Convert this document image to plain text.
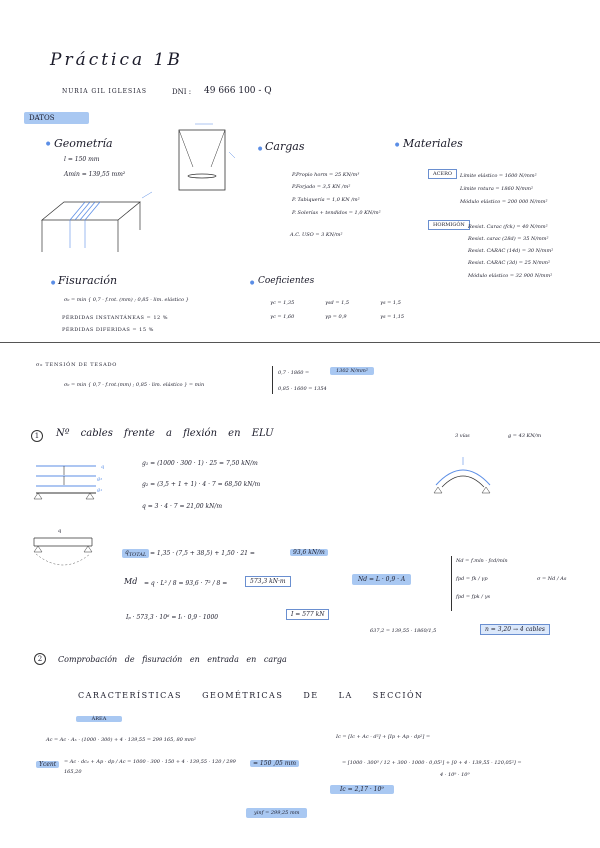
Práctica 1B
NURIA GIL IGLESIAS	DNI : 49 666 100 - Q
DATOS
• Geometría
l = 150 mm
Amin = 139,55 mm²
• Cargas
P.Propio horm = 25 KN/m³
P.Forjado = 3,5 KN /m²
P. Tabiquería = 1,0 KN /m²
P. Solerías + tendidos = 1,0 KN/m²
A.C. USO = 3 KN/m²
• Materiales
ACERO	Límite elástico = 1600 N/mm²
Límite rotura = 1860 N/mm²
Módulo elástico = 200 000 N/mm²
HORMIGÓN Resist. Carac (fck) = 40 N/mm²
Resist. carac (28d) = 35 N/mm²
Resist. CARAC (14d) = 30 N/mm²
Resist. CARAC (3d) = 25 N/mm²
Módulo elástico = 32 900 N/mm²
• Fisuración
σ₀ = min { 0,7 · f.rot. (mm) ; 0,85 · lim. elástico }
PÉRDIDAS INSTANTÁNEAS = 12 %
PÉRDIDAS DIFERIDAS = 15 %
• Coeficientes
γc = 1,35	γsd = 1,5	γs = 1,5
γc = 1,60	γp = 0,9	γs = 1,15
σ₀ TENSIÓN DE TESADO
σ₀ = min { 0,7 · f.rot.(mm) ; 0,85 · lim. elástico } = min
0,7 · 1860 =	1302 N/mm²
0,85 · 1600 = 1354
1	Nº cables frente a flexión en ELU	3 vías	g = 43 KN/m
q
g₂
g₁
g₁ = (1000 · 300 · 1) · 25 = 7,50 kN/m
g₂ = (3,5 + 1 + 1) · 4 · 7 = 68,50 kN/m
q = 3 · 4 · 7 = 21,00 kN/m
q
$q_{TOTAL} = 1,35 \cdot (7,5 + 38,5) + 1,50 \cdot 21$ =	93,6 kN/m
Md = q · L² / 8 = 93,6 · 7² / 8 =	573,3 kN·m	Nd = L · 0,9 · A
Nd = f.mín · fcd/mín
fpd = fk / γp
fpd = fpk / γs
σ = Nd / As
Iₚ · 573,3 · 10⁶ = Iᵢ · 0,9 · 1000	I = 577 kN
637,2 = 139,55 · 1860/1,5	n = 3,20 → 4 cables
2	Comprobación de fisuración en entrada en carga
CARACTERÍSTICAS GEOMÉTRICAS DE LA SECCIÓN
ÁREA
Ac = Ac · Aₕ · (1000 · 300) + 4 · 139,55 = 299 165, 80 mm²
Ycent	= Ac · dc₁ + Ap · dp / Ac = 1000 · 300 · 150 + 4 · 139,55 · 120 / 299 165,20
= 150 ,05 mm
Ic = [Ic + Ac · d²] + [Ip + Ap · dp²] =
= [1000 · 300³ / 12 + 300 · 1000 · 0,05²] + [0 + 4 · 139,55 · 120,05²] =
4 · 10⁹ · 10⁹
Ic = 2,17 · 10⁹
yinf = 299,25 mm
